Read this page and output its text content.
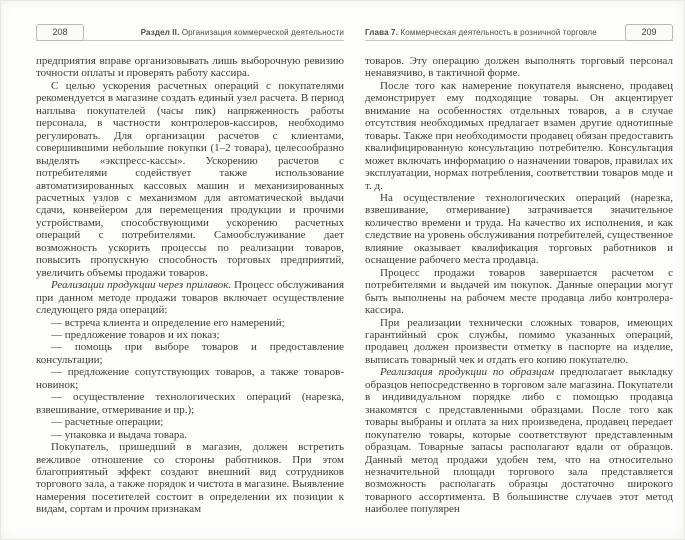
208	Раздел II. Организация коммерческой деятельности

предприятия вправе организовывать лишь выборочную ревизию точности оплаты и проверять работу кассира.

С целью ускорения расчетных операций с покупателями рекомендуется в магазине создать единый узел расчета. В период наплыва покупателей (часы пик) напряженность работы персонала, в частности контролеров-кассиров, необходимо регулировать. Для организации расчетов с клиентами, совершившими небольшие покупки (1–2 товара), целесообразно выделять «экспресс-кассы». Ускорению расчетов с потребителями содействует также использование автоматизированных кассовых машин и механизированных расчетных узлов с механизмом для автоматической выдачи сдачи, конвейером для перемещения продукции и прочими устройствами, способствующими ускорению расчетных операций с потребителями. Самообслуживание дает возможность ускорить процессы по реализации товаров, повысить пропускную способность торговых предприятий, увеличить объемы продажи товаров.

Реализации продукции через прилавок. Процесс обслуживания при данном методе продажи товаров включает осуществление следующего ряда операций:

— встреча клиента и определение его намерений;

— предложение товаров и их показ;

— помощь при выборе товаров и предоставление консультации;

— предложение сопутствующих товаров, а также товаров-новинок;

— осуществление технологических операций (нарезка, взвешивание, отмеривание и пр.);

— расчетные операции;

— упаковка и выдача товара.

Покупатель, пришедший в магазин, должен встретить вежливое отношение со стороны работников. При этом благоприятный эффект создают внешний вид сотрудников торгового зала, а также порядок и чистота в магазине. Выявление намерения посетителей состоит в определении их позиции к видам, сортам и прочим признакам

Глава 7. Коммерческая деятельность в розничной торговле	209

товаров. Эту операцию должен выполнять торговый персонал ненавязчиво, в тактичной форме.

После того как намерение покупателя выяснено, продавец демонстрирует ему подходящие товары. Он акцентирует внимание на особенностях отдельных товаров, а в случае отсутствия необходимых предлагает взамен другие однотипные товары. Также при необходимости продавец обязан предоставить квалифицированную консультацию потребителю. Консультация может включать информацию о назначении товаров, правилах их эксплуатации, нормах потребления, соответствии товаров моде и т. д.

На осуществление технологических операций (нарезка, взвешивание, отмеривание) затрачивается значительное количество времени и труда. На качество их исполнения, и как следствие на уровень обслуживания потребителей, существенное влияние оказывает квалификация торговых работников и оснащение рабочего места продавца.

Процесс продажи товаров завершается расчетом с потребителями и выдачей им покупок. Данные операции могут быть выполнены на рабочем месте продавца либо контролера-кассира.

При реализации технически сложных товаров, имеющих гарантийный срок службы, помимо указанных операций, продавец должен произвести отметку в паспорте на изделие, выписать товарный чек и отдать его копию покупателю.

Реализация продукции по образцам предполагает выкладку образцов непосредственно в торговом зале магазина. Покупатели в индивидуальном порядке либо с помощью продавца знакомятся с представленными образцами. После того как товары выбраны и оплата за них произведена, продавец передает покупателю товары, которые соответствуют представленным образцам. Товарные запасы располагают вдали от образцов. Данный метод продажи удобен тем, что на относительно незначительной площади торгового зала представляется возможность располагать образцы достаточно широкого товарного ассортимента. В большинстве случаев этот метод наиболее популярен
